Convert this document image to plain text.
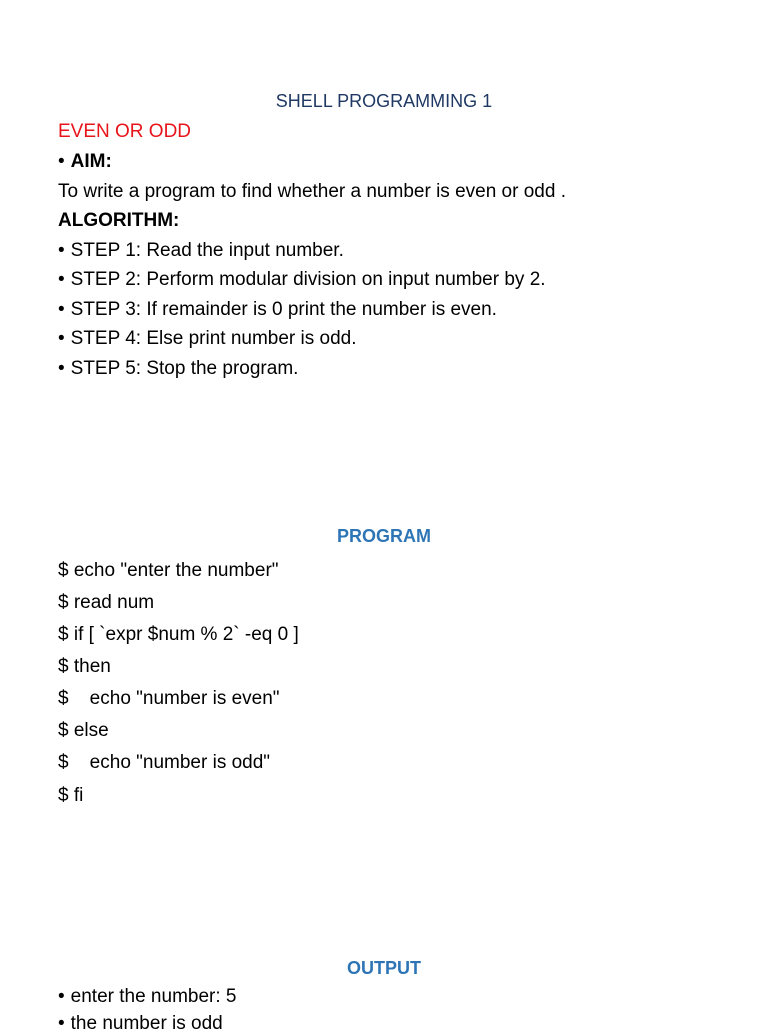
SHELL PROGRAMMING 1
EVEN OR ODD
• AIM:
To write a program to find whether a number is even or odd .
ALGORITHM:
• STEP 1: Read the input number.
• STEP 2: Perform modular division on input number by 2.
• STEP 3: If remainder is 0 print the number is even.
• STEP 4: Else print number is odd.
• STEP 5: Stop the program.
PROGRAM
$ echo "enter the number"
$ read num
$ if [ `expr $num % 2` -eq 0 ]
$ then
$    echo "number is even"
$ else
$    echo "number is odd"
$ fi
OUTPUT
• enter the number: 5
• the number is odd
